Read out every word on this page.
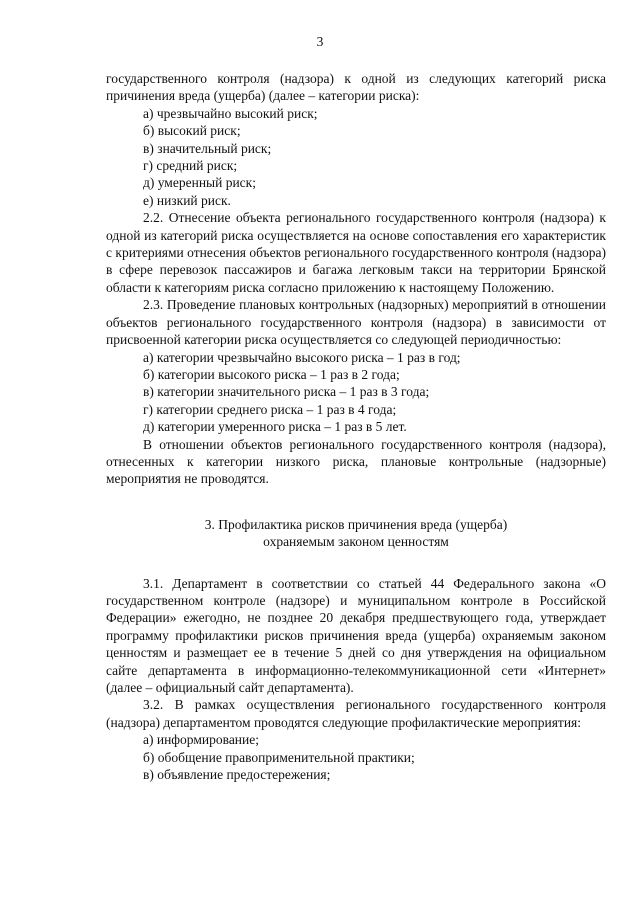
3

государственного контроля (надзора) к одной из следующих категорий риска причинения вреда (ущерба) (далее – категории риска):

а) чрезвычайно высокий риск;

б) высокий риск;

в) значительный риск;

г) средний риск;

д) умеренный риск;

е) низкий риск.

2.2. Отнесение объекта регионального государственного контроля (надзора) к одной из категорий риска осуществляется на основе сопоставления его характеристик с критериями отнесения объектов регионального государственного контроля (надзора) в сфере перевозок пассажиров и багажа легковым такси на территории Брянской области к категориям риска согласно приложению к настоящему Положению.

2.3. Проведение плановых контрольных (надзорных) мероприятий в отношении объектов регионального государственного контроля (надзора) в зависимости от присвоенной категории риска осуществляется со следующей периодичностью:

а) категории чрезвычайно высокого риска – 1 раз в год;

б) категории высокого риска – 1 раз в 2 года;

в) категории значительного риска – 1 раз в 3 года;

г) категории среднего риска – 1 раз в 4 года;

д) категории умеренного риска – 1 раз в 5 лет.

В отношении объектов регионального государственного контроля (надзора), отнесенных к категории низкого риска, плановые контрольные (надзорные) мероприятия не проводятся.

3. Профилактика рисков причинения вреда (ущерба)
охраняемым законом ценностям

3.1. Департамент в соответствии со статьей 44 Федерального закона «О государственном контроле (надзоре) и муниципальном контроле в Российской Федерации» ежегодно, не позднее 20 декабря предшествующего года, утверждает программу профилактики рисков причинения вреда (ущерба) охраняемым законом ценностям и размещает ее в течение 5 дней со дня утверждения на официальном сайте департамента в информационно-телекоммуникационной сети «Интернет» (далее – официальный сайт департамента).

3.2. В рамках осуществления регионального государственного контроля (надзора) департаментом проводятся следующие профилактические мероприятия:

а) информирование;

б) обобщение правоприменительной практики;

в) объявление предостережения;
